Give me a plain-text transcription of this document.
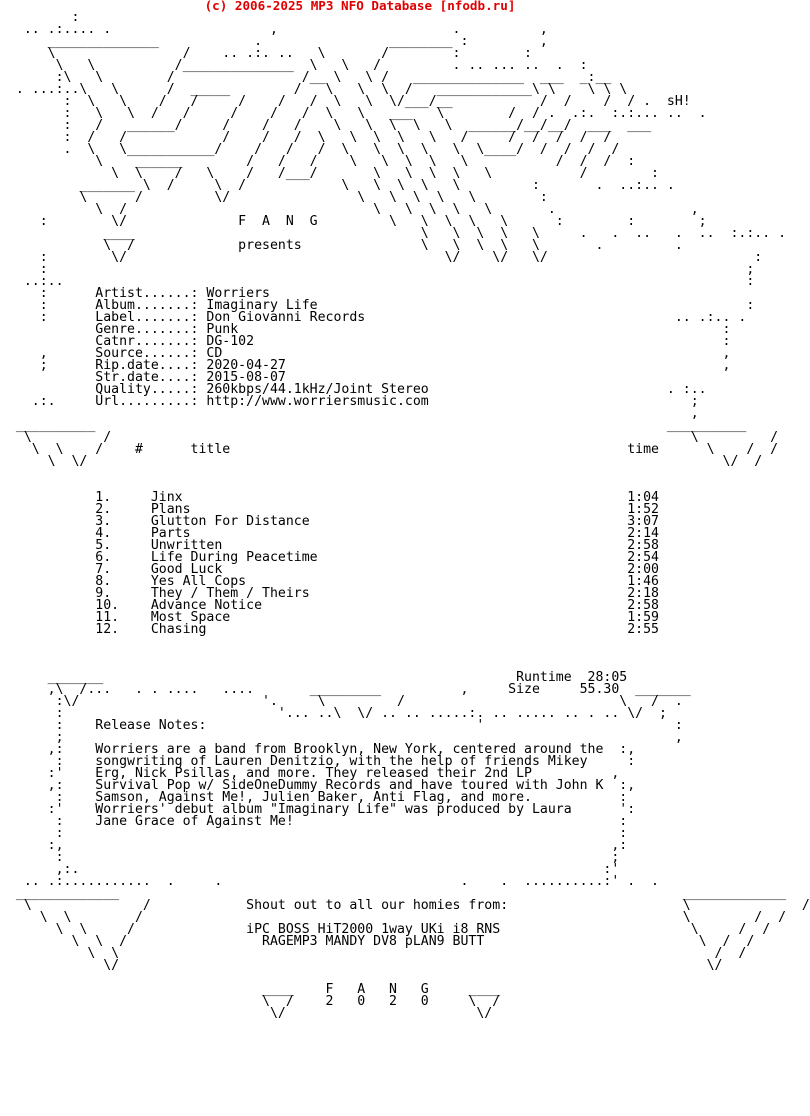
(c) 2006-2025 MP3 NFO Database [nfodb.ru]
:
.. .:.... .                    ,                      .          ,
______________            .                ________ :         ,
\                /    .. .:. ..   \       /        :        :
\   \          /______________  \   \   /         . .. ... ..  .  :
:\   \        /                /__ \   \ /   ______________  ___  _:__
. ...:..\   \      /  _____        /   \   \  \  /   ____________\ \    \ \ \
:  \   \    /   /     /    /   /  \   \  \/___/__           /  /    /  / .  sH!
:   \   \  /   /     /    /   /  \   \   ___   \        /  / .  .:.  :.:... ..  .
:   /   ______/     /    /   /    \   \  \  \   \  ______/__/__/  ___  ___
:  /   /            /    /   /  \   \  \  \   \   /     /  /  /  /  /
.  \   \___________/    /   /   /  \   \  \  \   \  \____/  /  /  /  /
\    ______        /   /   /    \   \  \  \   \           /  /  /  :
\  \    /   \    /   /___/       \   \  \  \   \           /        :
_______ \  /     \  /            \   \  \  \   \         :       .  ..:.. .
\      /         \/                \   \  \  \   \        :
\  /                               \   \  \  \   \       .                 ,
:        \/              F  A  N  G         \   \  \  \   \      :        :        ;
____                                    \   \  \  \   \     .   .  ..   .  ..  :.:.. .
\  /             presents               \   \  \  \   \       .         .
:        \/                                        \/    \/   \/                          :
:                                                                                        ;
..:..                                                                                      :
:      Artist......: Worriers
:      Album.......: Imaginary Life                                                      :
:      Label.......: Don Giovanni Records                                       .. .:.. .
Genre.......: Punk                                                             :
Catnr.......: DG-102                                                           :
,      Source......: CD                                                               ,
;      Rip.date....: 2020-04-27                                                       ,
Str.date....: 2015-08-07
Quality.....: 260kbps/44.1kHz/Joint Stereo                              . :..
.:.     Url.........: http://www.worriersmusic.com                                 ;
,
__________                                                                        __________
\         /                                                                         \         /
\  \    /    #      title                                                  time      \    /  /
\  \/                                                                                \/  /

1.     Jinx                                                        1:04
2.     Plans                                                       1:52
3.     Glutton For Distance                                        3:07
4.     Parts                                                       2:14
5.     Unwritten                                                   2:58
6.     Life During Peacetime                                       2:54
7.     Good Luck                                                   2:00
8.     Yes All Cops                                                1:46
9.     They / Them / Theirs                                        2:18
10.    Advance Notice                                              2:58
11.    Most Space                                                  1:59
12.    Chasing                                                     2:55

_______                                                    Runtime  28:05
,\  /...   . . ....   ....       _________          ,     Size     55.30  _______
:\/                       '.     \         /                           \   /  .
:                           '... ..\  \/ .. .. .....:. .. ..... .. . .. \/  ;
:    Release Notes:                                  '                        :
;                                                                             ,
,:    Worriers are a band from Brooklyn, New York, centered around the  :,
:    songwriting of Lauren Denitzio, with the help of friends Mikey     :
:'    Erg, Nick Psillas, and more. They released their 2nd LP          ,
,:    Survival Pop w/ SideOneDummy Records and have toured with John K  :,
:    Samson, Against Me!, Julien Baker, Anti Flag, and more.           :
:'    Worriers' debut album "Imaginary Life" was produced by Laura      ':
:    Jane Grace of Against Me!                                         :
:                                                                      :
:,                                                                     ,:
:                                                                     ;
,:.                                                                  :'
.. .:...........  .     .                              .    .  ..........:' .  .
_____________                                                                       _____________
\              /            Shout out to all our homies from:                      \              /
\  \        /                                                                    \        /  /
\  \     /              iPC BOSS HiT2000 1way UKi i8 RNS                        \     /  /
\  \  /                 RAGEMP3 MANDY DV8 pLAN9 BUTT                           \  /  /
\  \                                                                           /  /
\/                                                                          \/

____    F   A   N   G     ____
\  /    2   0   2   0     \  /
\/                        \/
